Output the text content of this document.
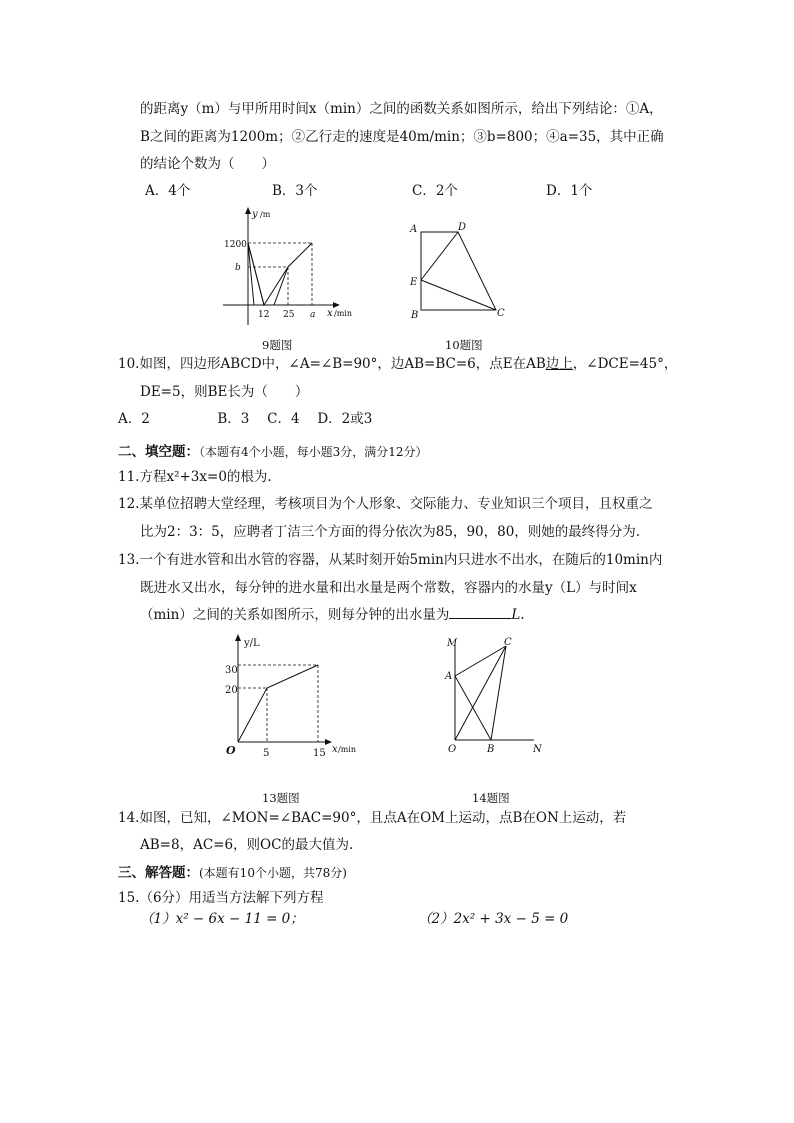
的距离y（m）与甲所用时间x（min）之间的函数关系如图所示，给出下列结论：①A，
B之间的距离为1200m；②乙行走的速度是40m/min；③b=800；④a=35，其中正确
的结论个数为（　　）
A．4个	B．3个	C．2个	D．1个
y /m
x /min
1200
b
12 25 a
9题图
A	D
E
B	C
10题图
10.如图，四边形ABCD中，∠A=∠B=90°，边AB=BC=6，点E在AB边上，∠DCE=45°，
DE=5，则BE长为（　　）
A．2　　　　　B．3　 C．4　 D．2或3
二、填空题：（本题有4个小题，每小题3分，满分12分）
11.方程x²+3x=0的根为.
12.某单位招聘大堂经理，考核项目为个人形象、交际能力、专业知识三个项目，且权重之
比为2：3：5，应聘者丁洁三个方面的得分依次为85，90，80，则她的最终得分为.
13.一个有进水管和出水管的容器，从某时刻开始5min内只进水不出水，在随后的10min内
既进水又出水，每分钟的进水量和出水量是两个常数，容器内的水量y（L）与时间x
（min）之间的关系如图所示，则每分钟的出水量为	L.
y/L
x /min
O
30
20
5	15
13题图
M	C
A
O	B	N
14题图
14.如图，已知，∠MON=∠BAC=90°，且点A在OM上运动，点B在ON上运动，若
AB=8，AC=6，则OC的最大值为.
三、解答题：(本题有10个小题，共78分)
15.（6分）用适当方法解下列方程
（1）x² − 6x − 11 = 0；	（2）2x² + 3x − 5 = 0
